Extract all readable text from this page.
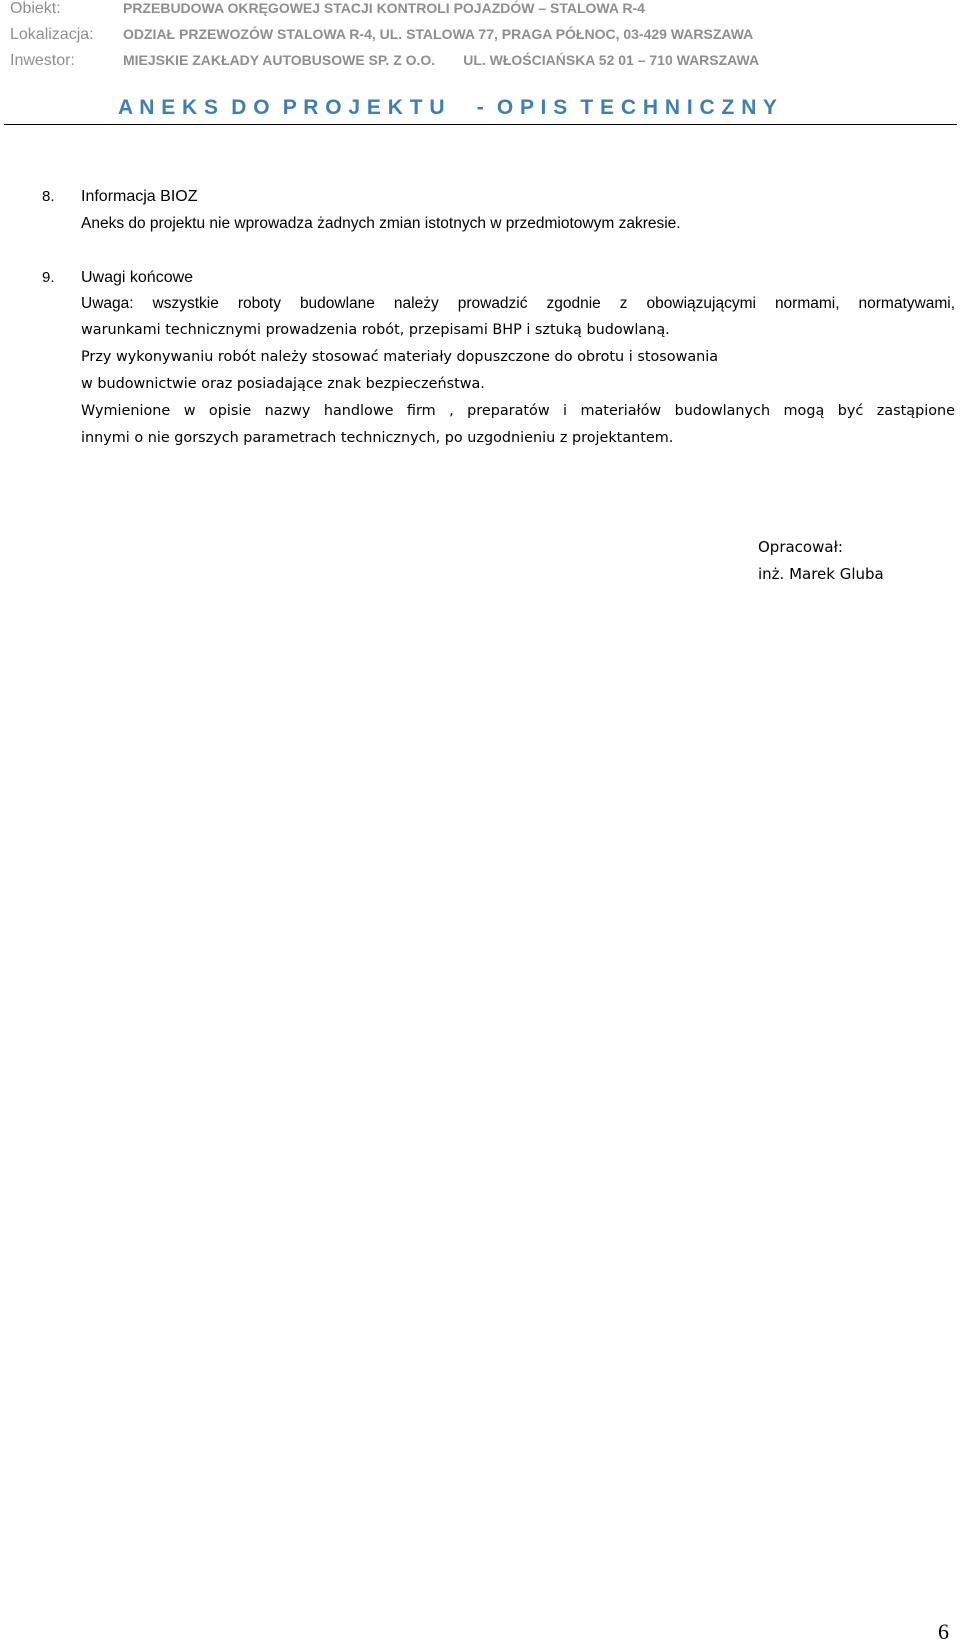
Obiekt:	PRZEBUDOWA OKRĘGOWEJ STACJI KONTROLI POJAZDÓW – STALOWA R-4
Lokalizacja: ODZIAŁ PRZEWOZÓW STALOWA R-4, UL. STALOWA 77, PRAGA PÓŁNOC, 03-429 WARSZAWA
Inwestor:	MIEJSKIE ZAKŁADY AUTOBUSOWE SP. Z O.O. UL. WŁOŚCIAŃSKA 52 01 – 710 WARSZAWA
A N E K S  D O  P R O J E K T U     -  O P I S  T E C H N I C Z N Y
8. Informacja BIOZ
Aneks do projektu nie wprowadza żadnych zmian istotnych w przedmiotowym zakresie.
9. Uwagi końcowe
Uwaga:  wszystkie  roboty  budowlane  należy  prowadzić  zgodnie  z  obowiązującymi  normami,  normatywami,
warunkami technicznymi prowadzenia robót, przepisami BHP i sztuką budowlaną.
Przy wykonywaniu robót należy stosować materiały dopuszczone do obrotu i stosowania
w budownictwie oraz posiadające znak bezpieczeństwa.
Wymienione w opisie nazwy handlowe firm , preparatów i materiałów budowlanych mogą być zastąpione
innymi o nie gorszych parametrach technicznych, po uzgodnieniu z projektantem.
Opracował:
inż. Marek Gluba
6
